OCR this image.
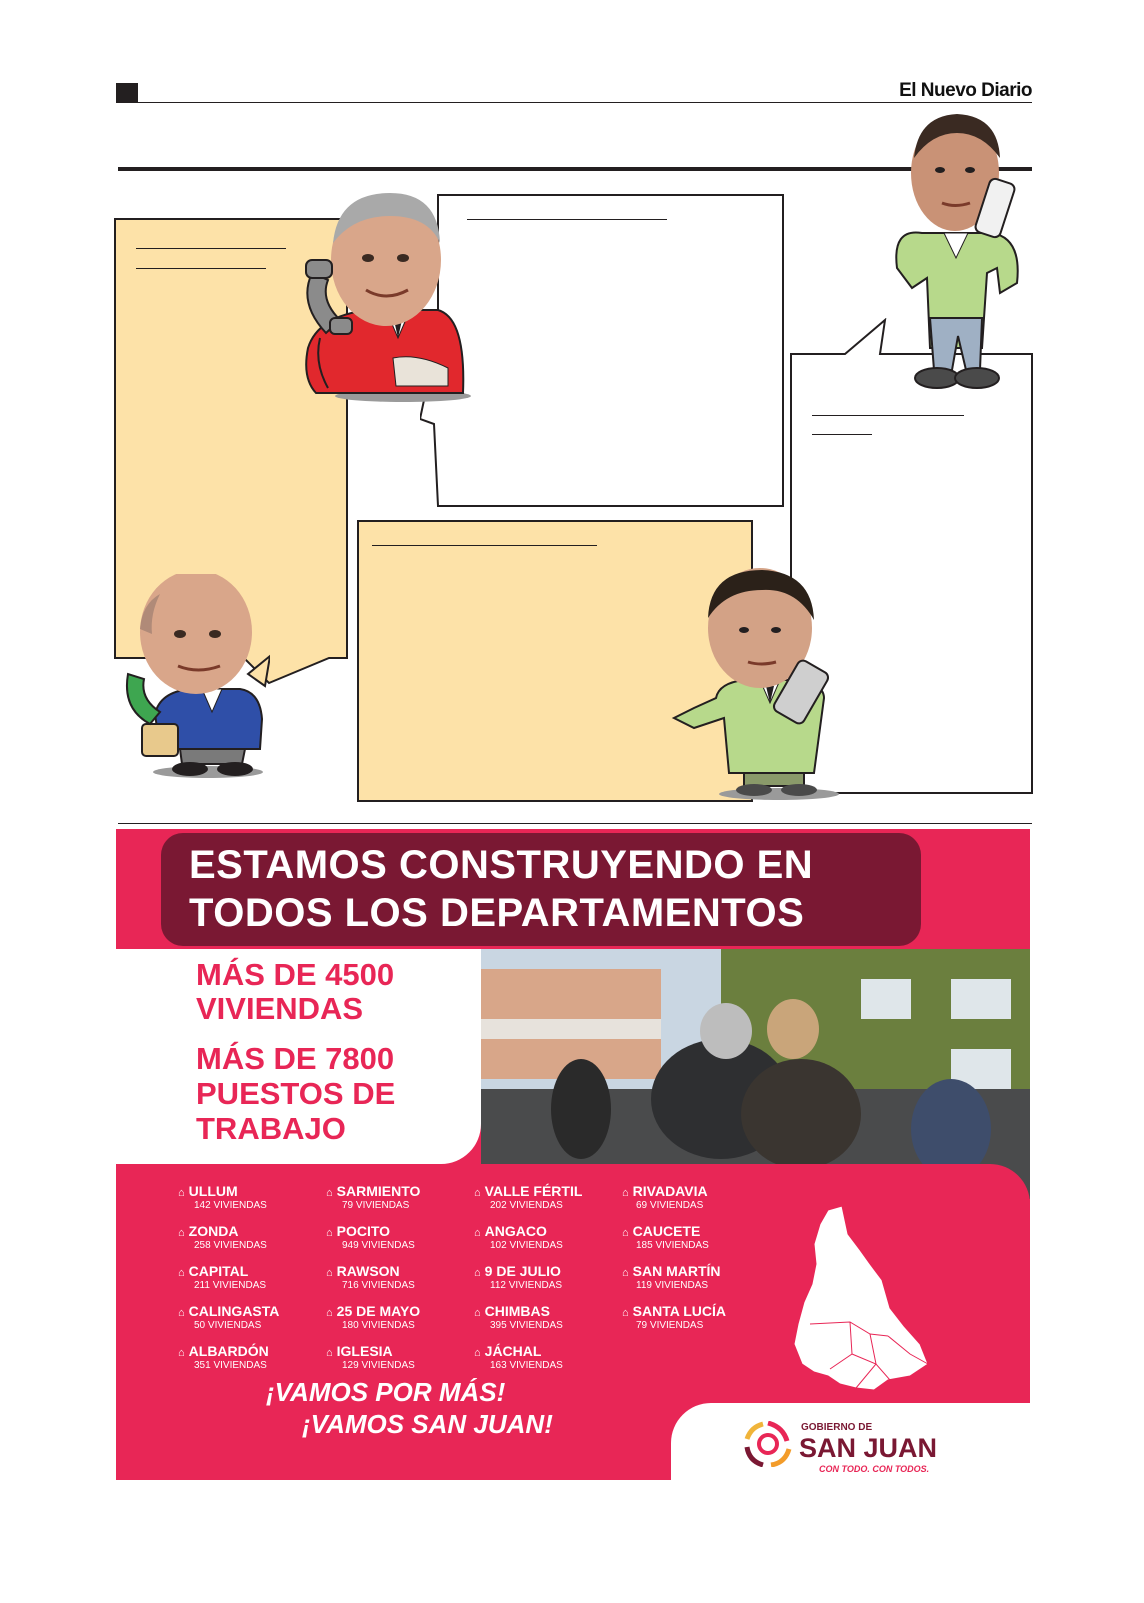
El Nuevo Diario
MÁS DE 4500
VIVIENDAS
MÁS DE 7800
PUESTOS DE
TRABAJO
ESTAMOS CONSTRUYENDO EN
TODOS LOS DEPARTAMENTOS
⌂ ULLUM
142 VIVIENDAS
⌂ ZONDA
258 VIVIENDAS
⌂ CAPITAL
211 VIVIENDAS
⌂ CALINGASTA
50 VIVIENDAS
⌂ ALBARDÓN
351 VIVIENDAS
⌂ SARMIENTO
79 VIVIENDAS
⌂ POCITO
949 VIVIENDAS
⌂ RAWSON
716 VIVIENDAS
⌂ 25 DE MAYO
180 VIVIENDAS
⌂ IGLESIA
129 VIVIENDAS
⌂ VALLE FÉRTIL
202 VIVIENDAS
⌂ ANGACO
102 VIVIENDAS
⌂ 9 DE JULIO
112 VIVIENDAS
⌂ CHIMBAS
395 VIVIENDAS
⌂ JÁCHAL
163 VIVIENDAS
⌂ RIVADAVIA
69 VIVIENDAS
⌂ CAUCETE
185 VIVIENDAS
⌂ SAN MARTÍN
119 VIVIENDAS
⌂ SANTA LUCÍA
79 VIVIENDAS
¡VAMOS POR MÁS!
¡VAMOS SAN JUAN!	GOBIERNO DE
SAN JUAN
CON TODO. CON TODOS.
